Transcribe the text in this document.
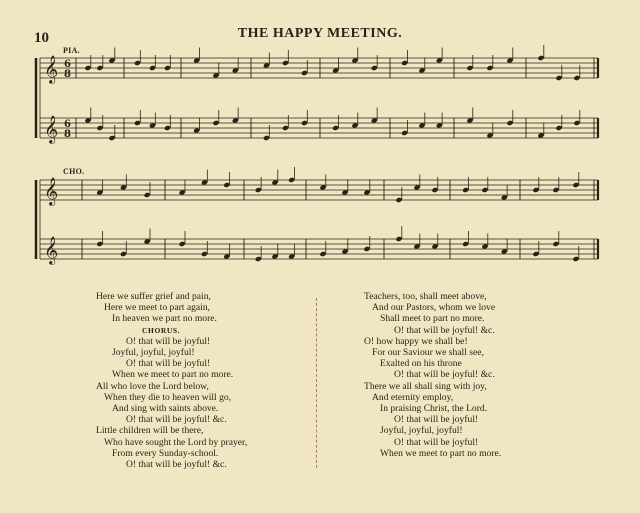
10	THE HAPPY MEETING.
PIA.
CHO.
𝄞 6
8
𝄞 6
8
𝄞
𝄞
Here we suffer grief and pain,
Here we meet to part again,
In heaven we part no more.
CHORUS.
O! that will be joyful!
Joyful, joyful, joyful!
O! that will be joyful!
When we meet to part no more.
All who love the Lord below,
When they die to heaven will go,
And sing with saints above.
O! that will be joyful! &c.
Little children will be there,
Who have sought the Lord by prayer,
From every Sunday-school.
O! that will be joyful! &c.
Teachers, too, shall meet above,
And our Pastors, whom we love
Shall meet to part no more.
O! that will be joyful! &c.
O! how happy we shall be!
For our Saviour we shall see,
Exalted on his throne
O! that will be joyful! &c.
There we all shall sing with joy,
And eternity employ,
In praising Christ, the Lord.
O! that will be joyful!
Joyful, joyful, joyful!
O! that will be joyful!
When we meet to part no more.
